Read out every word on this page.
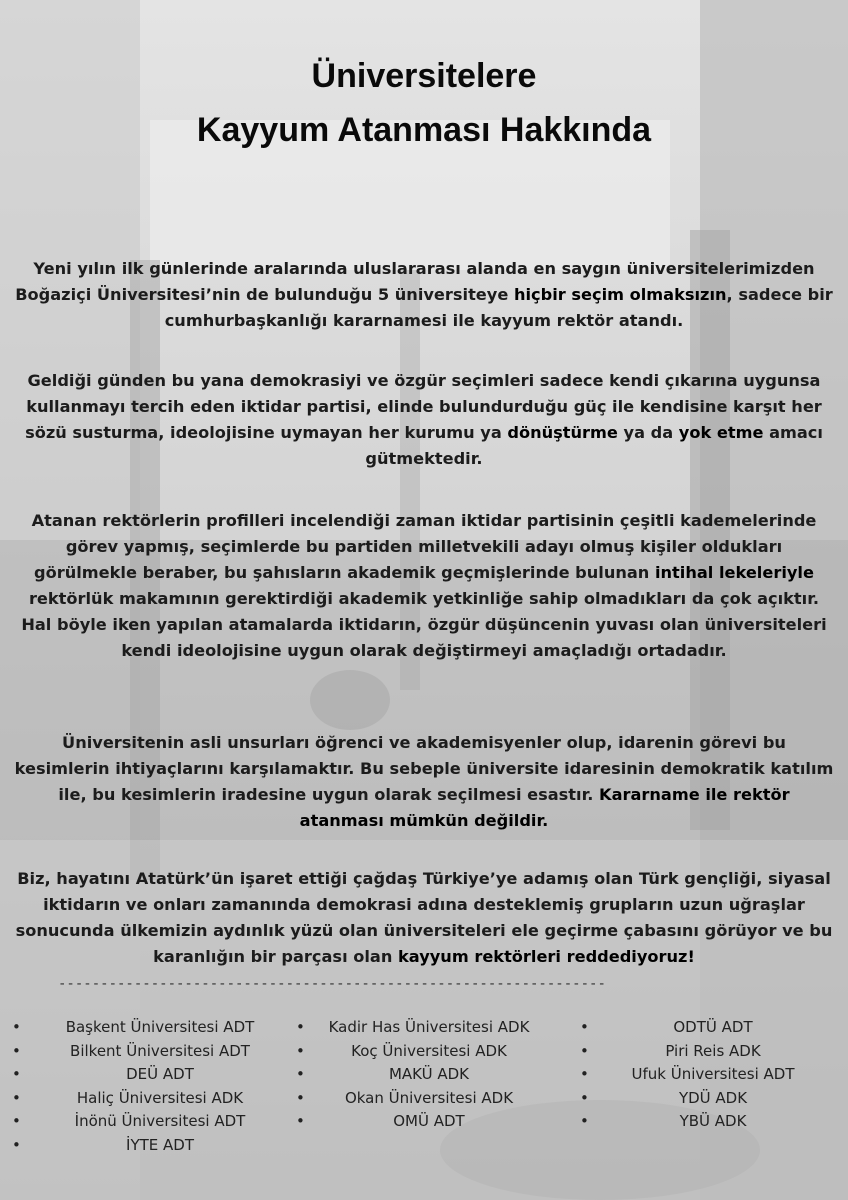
Üniversitelere
Kayyum Atanması Hakkında
Yeni yılın ilk günlerinde aralarında uluslararası alanda en saygın üniversitelerimizden Boğaziçi Üniversitesi’nin de bulunduğu 5 üniversiteye hiçbir seçim olmaksızın, sadece bir cumhurbaşkanlığı kararnamesi ile kayyum rektör atandı.
Geldiği günden bu yana demokrasiyi ve özgür seçimleri sadece kendi çıkarına uygunsa kullanmayı tercih eden iktidar partisi, elinde bulundurduğu güç ile kendisine karşıt her sözü susturma, ideolojisine uymayan her kurumu ya dönüştürme ya da yok etme amacı gütmektedir.
Atanan rektörlerin profilleri incelendiği zaman iktidar partisinin çeşitli kademelerinde görev yapmış, seçimlerde bu partiden milletvekili adayı olmuş kişiler oldukları görülmekle beraber, bu şahısların akademik geçmişlerinde bulunan intihal lekeleriyle rektörlük makamının gerektirdiği akademik yetkinliğe sahip olmadıkları da çok açıktır. Hal böyle iken yapılan atamalarda iktidarın, özgür düşüncenin yuvası olan üniversiteleri kendi ideolojisine uygun olarak değiştirmeyi amaçladığı ortadadır.
Üniversitenin asli unsurları öğrenci ve akademisyenler olup, idarenin görevi bu kesimlerin ihtiyaçlarını karşılamaktır. Bu sebeple üniversite idaresinin demokratik katılım ile, bu kesimlerin iradesine uygun olarak seçilmesi esastır. Kararname ile rektör atanması mümkün değildir.
Biz, hayatını Atatürk’ün işaret ettiği çağdaş Türkiye’ye adamış olan Türk gençliği, siyasal iktidarın ve onları zamanında demokrasi adına desteklemiş grupların uzun uğraşlar sonucunda ülkemizin aydınlık yüzü olan üniversiteleri ele geçirme çabasını görüyor ve bu karanlığın bir parçası olan kayyum rektörleri reddediyoruz!
-----------------------------------------------------------------
•	Başkent Üniversitesi ADT
•	Bilkent Üniversitesi ADT
•	DEÜ ADT
•	Haliç Üniversitesi ADK
•	İnönü Üniversitesi ADT
•	İYTE ADT
•	Kadir Has Üniversitesi ADK
•	Koç Üniversitesi ADK
•	MAKÜ ADK
•	Okan Üniversitesi ADK
•	OMÜ ADT
•	ODTÜ ADT
•	Piri Reis ADK
•	Ufuk Üniversitesi ADT
•	YDÜ ADK
•	YBÜ ADK
